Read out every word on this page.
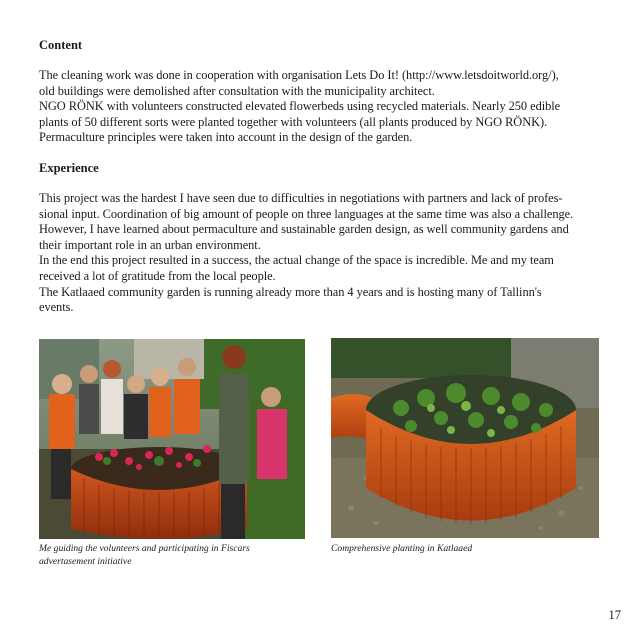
Content
The cleaning work was done in cooperation with organisation Lets Do It! (http://www.letsdoitworld.org/),
old buildings were demolished after consultation with the municipality architect.
NGO RÖNK with volunteers constructed elevated flowerbeds using recycled materials. Nearly 250 edible
plants of 50 different sorts were planted together with volunteers (all plants produced by NGO RÖNK).
Permaculture principles were taken into account in the design of the garden.
Experience
This project was the hardest I have seen due to difficulties in negotiations with partners and lack of profes-
sional input. Coordination of big amount of people on three languages at the same time was also a challenge.
However, I have learned about permaculture and sustainable garden design, as well community gardens and
their important role in an urban environment.
In the end this project resulted in a success, the actual change of the space is incredible. Me and my team
received a lot of gratitude from the local people.
The Katlaaed community garden is running already more than 4 years and is hosting many of Tallinn's
events.

Me guiding the volunteers and participating in Fiscars
advertasement initiative

Comprehensive planting in Katlaaed

17
